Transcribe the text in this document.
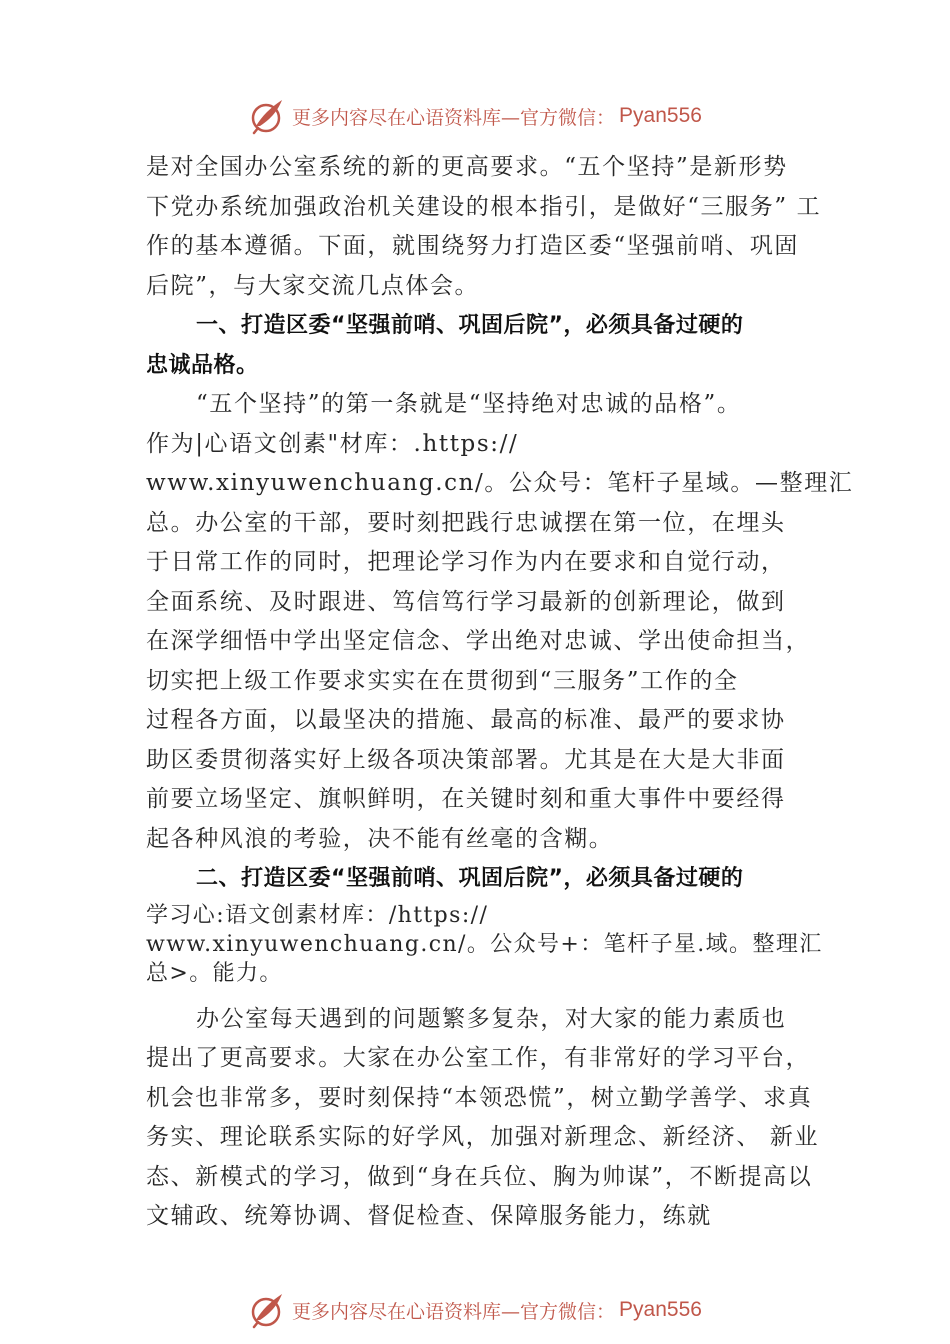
更多内容尽在心语资料库—官方微信： Pyan556

是对全国办公室系统的新的更高要求。“五个坚持”是新形势
下党办系统加强政治机关建设的根本指引，是做好“三服务” 工
作的基本遵循。下面，就围绕努力打造区委“坚强前哨、巩固
后院”，与大家交流几点体会。

一、打造区委“坚强前哨、巩固后院”，必须具备过硬的
忠诚品格。

“五个坚持”的第一条就是“坚持绝对忠诚的品格”。
作为|心语文创素"材库：.https://
www.xinyuwenchuang.cn/。公众号：笔杆子星域。—整理汇
总。办公室的干部，要时刻把践行忠诚摆在第一位，在埋头
于日常工作的同时，把理论学习作为内在要求和自觉行动，
全面系统、及时跟进、笃信笃行学习最新的创新理论，做到
在深学细悟中学出坚定信念、学出绝对忠诚、学出使命担当，
切实把上级工作要求实实在在贯彻到“三服务”工作的全
过程各方面，以最坚决的措施、最高的标准、最严的要求协
助区委贯彻落实好上级各项决策部署。尤其是在大是大非面
前要立场坚定、旗帜鲜明，在关键时刻和重大事件中要经得
起各种风浪的考验，决不能有丝毫的含糊。

二、打造区委“坚强前哨、巩固后院”，必须具备过硬的

学习心:语文创素材库：/https://
www.xinyuwenchuang.cn/。公众号+：笔杆子星.域。整理汇
总>。能力。

办公室每天遇到的问题繁多复杂，对大家的能力素质也
提出了更高要求。大家在办公室工作，有非常好的学习平台，
机会也非常多，要时刻保持“本领恐慌”，树立勤学善学、求真
务实、理论联系实际的好学风，加强对新理念、新经济、 新业
态、新模式的学习，做到“身在兵位、胸为帅谋”，不断提高以
文辅政、统筹协调、督促检查、保障服务能力，练就

更多内容尽在心语资料库—官方微信： Pyan556
